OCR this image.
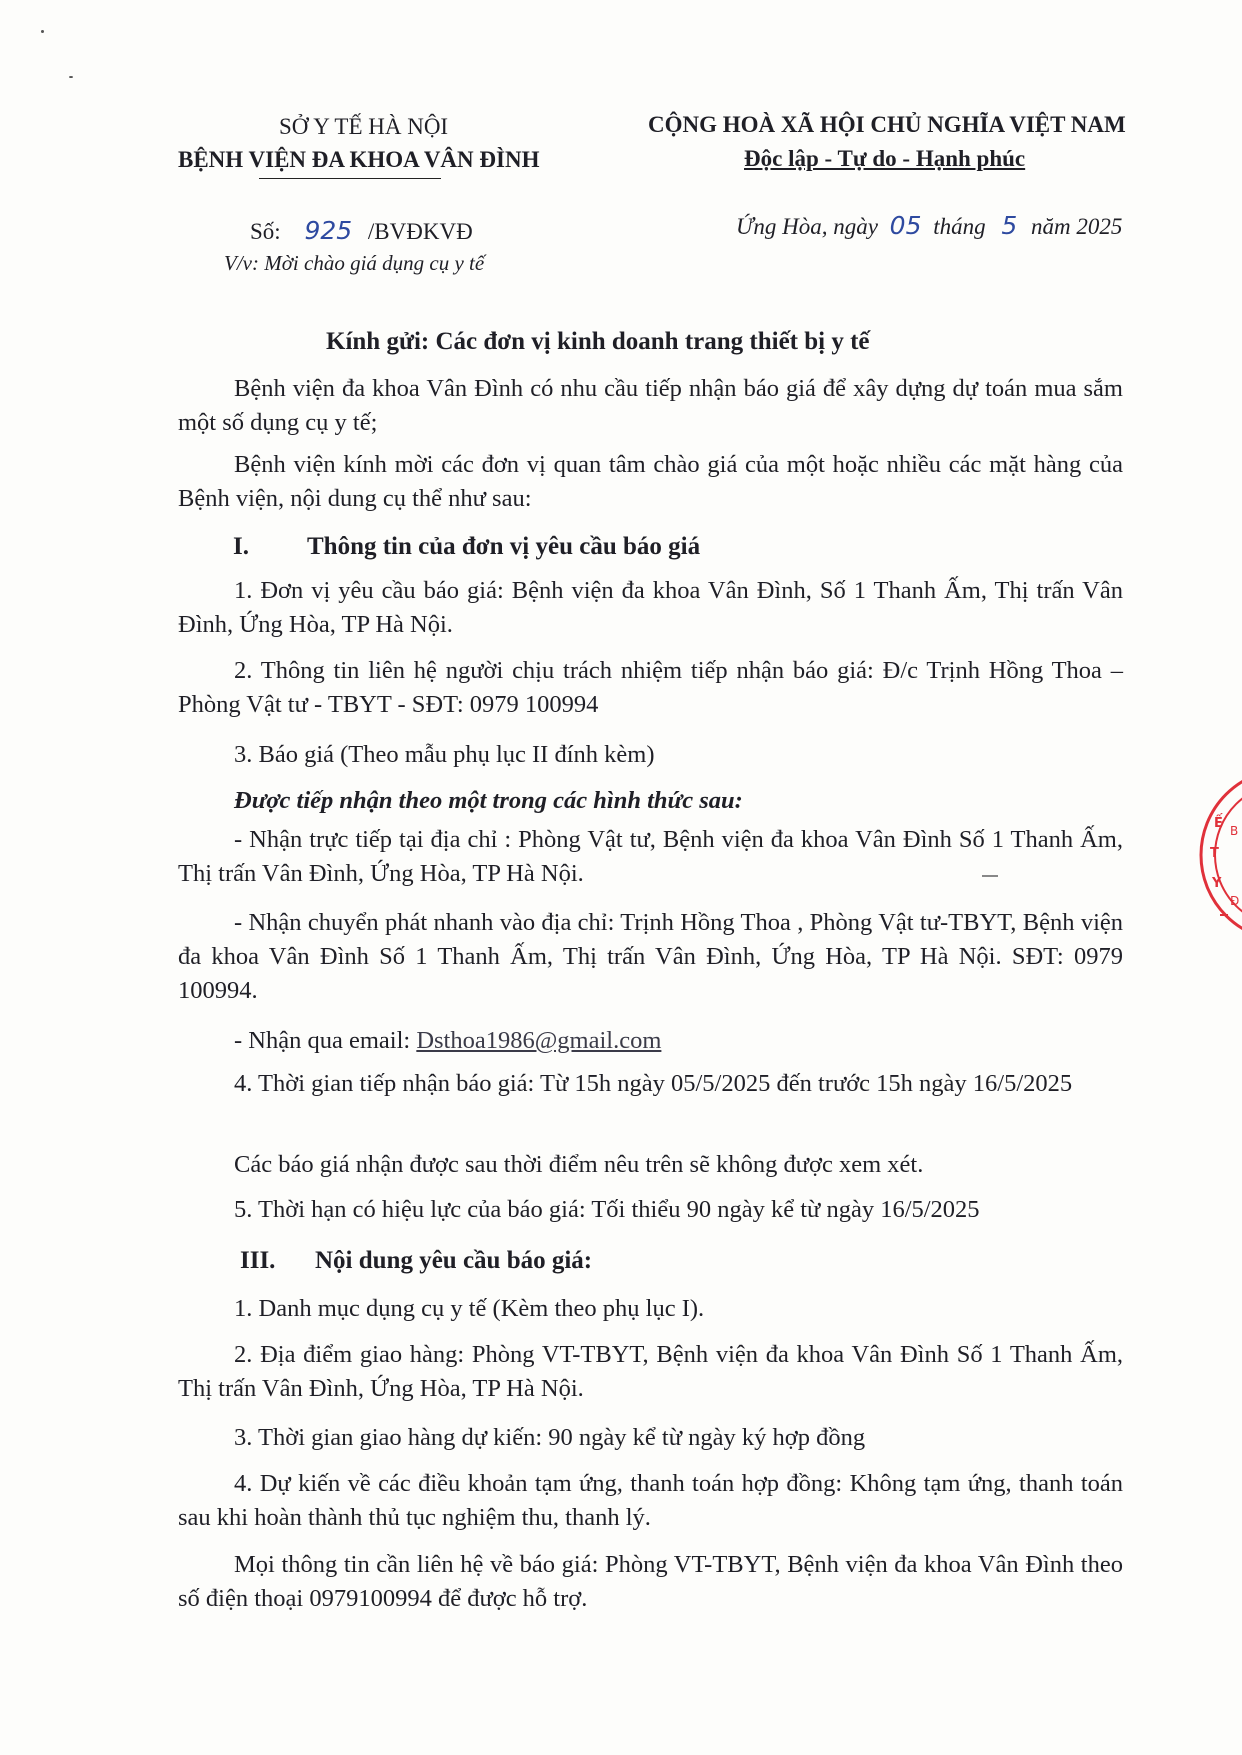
SỞ Y TẾ HÀ NỘI
BỆNH VIỆN ĐA KHOA VÂN ĐÌNH
Số: 925 /BVĐKVĐ
V/v: Mời chào giá dụng cụ y tế
CỘNG HOÀ XÃ HỘI CHỦ NGHĨA VIỆT NAM
Độc lập - Tự do - Hạnh phúc
Ứng Hòa, ngày 05 tháng 5 năm 2025
Kính gửi: Các đơn vị kinh doanh trang thiết bị y tế
Bệnh viện đa khoa Vân Đình có nhu cầu tiếp nhận báo giá để xây dựng dự toán mua sắm một số dụng cụ y tế;
Bệnh viện kính mời các đơn vị quan tâm chào giá của một hoặc nhiều các mặt hàng của Bệnh viện, nội dung cụ thể như sau:
I. Thông tin của đơn vị yêu cầu báo giá
1. Đơn vị yêu cầu báo giá: Bệnh viện đa khoa Vân Đình, Số 1 Thanh Ấm, Thị trấn Vân Đình, Ứng Hòa, TP Hà Nội.
2. Thông tin liên hệ người chịu trách nhiệm tiếp nhận báo giá: Đ/c Trịnh Hồng Thoa – Phòng Vật tư - TBYT - SĐT: 0979 100994
3. Báo giá (Theo mẫu phụ lục II đính kèm)
Được tiếp nhận theo một trong các hình thức sau:
- Nhận trực tiếp tại địa chỉ : Phòng Vật tư, Bệnh viện đa khoa Vân Đình Số 1 Thanh Ấm, Thị trấn Vân Đình, Ứng Hòa, TP Hà Nội.
- Nhận chuyển phát nhanh vào địa chỉ: Trịnh Hồng Thoa , Phòng Vật tư-TBYT, Bệnh viện đa khoa Vân Đình Số 1 Thanh Ấm, Thị trấn Vân Đình, Ứng Hòa, TP Hà Nội. SĐT: 0979 100994.
- Nhận qua email: Dsthoa1986@gmail.com
4. Thời gian tiếp nhận báo giá: Từ 15h ngày 05/5/2025 đến trước 15h ngày 16/5/2025
Các báo giá nhận được sau thời điểm nêu trên sẽ không được xem xét.
5. Thời hạn có hiệu lực của báo giá: Tối thiểu 90 ngày kể từ ngày 16/5/2025
III. Nội dung yêu cầu báo giá:
1. Danh mục dụng cụ y tế (Kèm theo phụ lục I).
2. Địa điểm giao hàng: Phòng VT-TBYT, Bệnh viện đa khoa Vân Đình Số 1 Thanh Ấm, Thị trấn Vân Đình, Ứng Hòa, TP Hà Nội.
3. Thời gian giao hàng dự kiến: 90 ngày kể từ ngày ký hợp đồng
4. Dự kiến về các điều khoản tạm ứng, thanh toán hợp đồng: Không tạm ứng, thanh toán sau khi hoàn thành thủ tục nghiệm thu, thanh lý.
Mọi thông tin cần liên hệ về báo giá: Phòng VT-TBYT, Bệnh viện đa khoa Vân Đình theo số điện thoại 0979100994 để được hỗ trợ.
Ế
T
Y
B
Đ
